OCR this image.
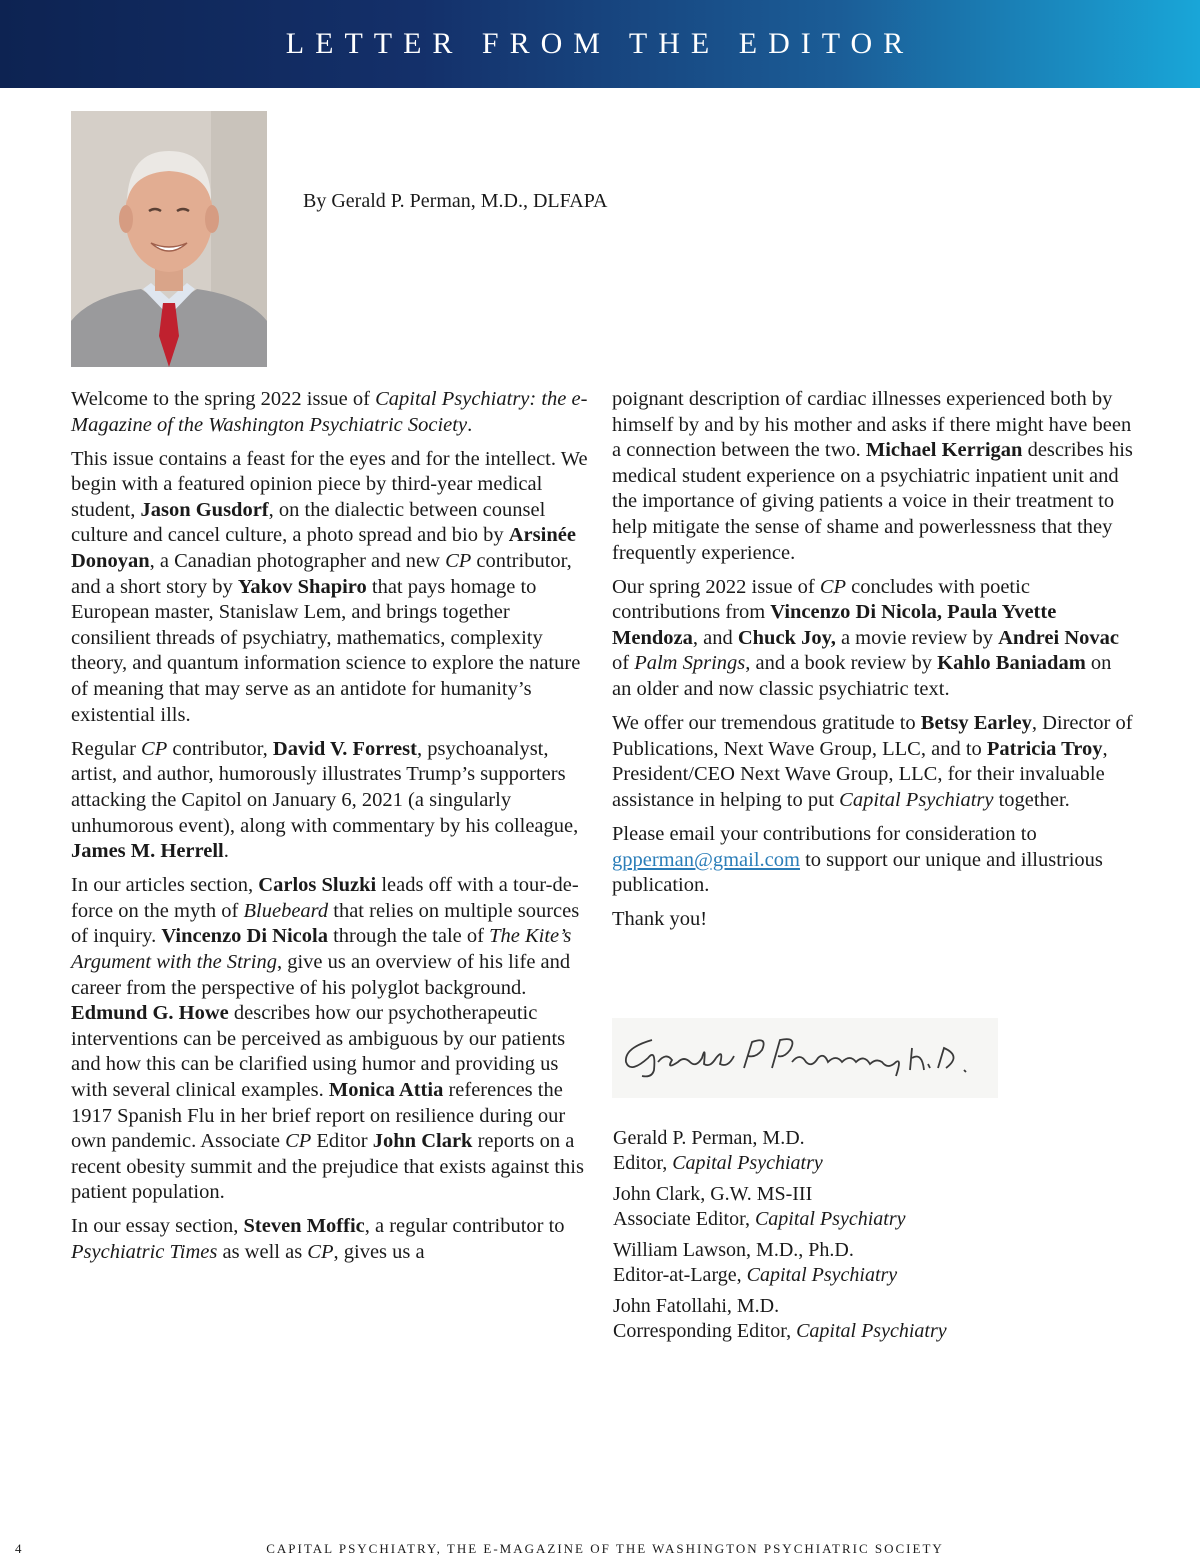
LETTER FROM THE EDITOR
By Gerald P. Perman, M.D., DLFAPA

Welcome to the spring 2022 issue of Capital Psychiatry: the e-Magazine of the Washington Psychiatric Society.

This issue contains a feast for the eyes and for the intellect. We begin with a featured opinion piece by third-year medical student, Jason Gusdorf, on the dialectic between counsel culture and cancel culture, a photo spread and bio by Arsinée Donoyan, a Canadian photographer and new CP contributor, and a short story by Yakov Shapiro that pays homage to European master, Stanislaw Lem, and brings together consilient threads of psychiatry, mathematics, complexity theory, and quantum information science to explore the nature of meaning that may serve as an antidote for humanity’s existential ills.

Regular CP contributor, David V. Forrest, psychoanalyst, artist, and author, humorously illustrates Trump’s supporters attacking the Capitol on January 6, 2021 (a singularly unhumorous event), along with commentary by his colleague, James M. Herrell.

In our articles section, Carlos Sluzki leads off with a tour-de-force on the myth of Bluebeard that relies on multiple sources of inquiry. Vincenzo Di Nicola through the tale of The Kite’s Argument with the String, give us an overview of his life and career from the perspective of his polyglot background. Edmund G. Howe describes how our psychotherapeutic interventions can be perceived as ambiguous by our patients and how this can be clarified using humor and providing us with several clinical examples. Monica Attia references the 1917 Spanish Flu in her brief report on resilience during our own pandemic. Associate CP Editor John Clark reports on a recent obesity summit and the prejudice that exists against this patient population.

In our essay section, Steven Moffic, a regular contributor to Psychiatric Times as well as CP, gives us a

poignant description of cardiac illnesses experienced both by himself by and by his mother and asks if there might have been a connection between the two. Michael Kerrigan describes his medical student experience on a psychiatric inpatient unit and the importance of giving patients a voice in their treatment to help mitigate the sense of shame and powerlessness that they frequently experience.

Our spring 2022 issue of CP concludes with poetic contributions from Vincenzo Di Nicola, Paula Yvette Mendoza, and Chuck Joy, a movie review by Andrei Novac of Palm Springs, and a book review by Kahlo Baniadam on an older and now classic psychiatric text.

We offer our tremendous gratitude to Betsy Earley, Director of Publications, Next Wave Group, LLC, and to Patricia Troy, President/CEO Next Wave Group, LLC, for their invaluable assistance in helping to put Capital Psychiatry together.

Please email your contributions for consideration to gpperman@gmail.com to support our unique and illustrious publication.

Thank you!

Gerald P. Perman, M.D.
Editor, Capital Psychiatry
John Clark, G.W. MS-III
Associate Editor, Capital Psychiatry
William Lawson, M.D., Ph.D.
Editor-at-Large, Capital Psychiatry
John Fatollahi, M.D.
Corresponding Editor, Capital Psychiatry
4	CAPITAL PSYCHIATRY, THE E-MAGAZINE OF THE WASHINGTON PSYCHIATRIC SOCIETY
